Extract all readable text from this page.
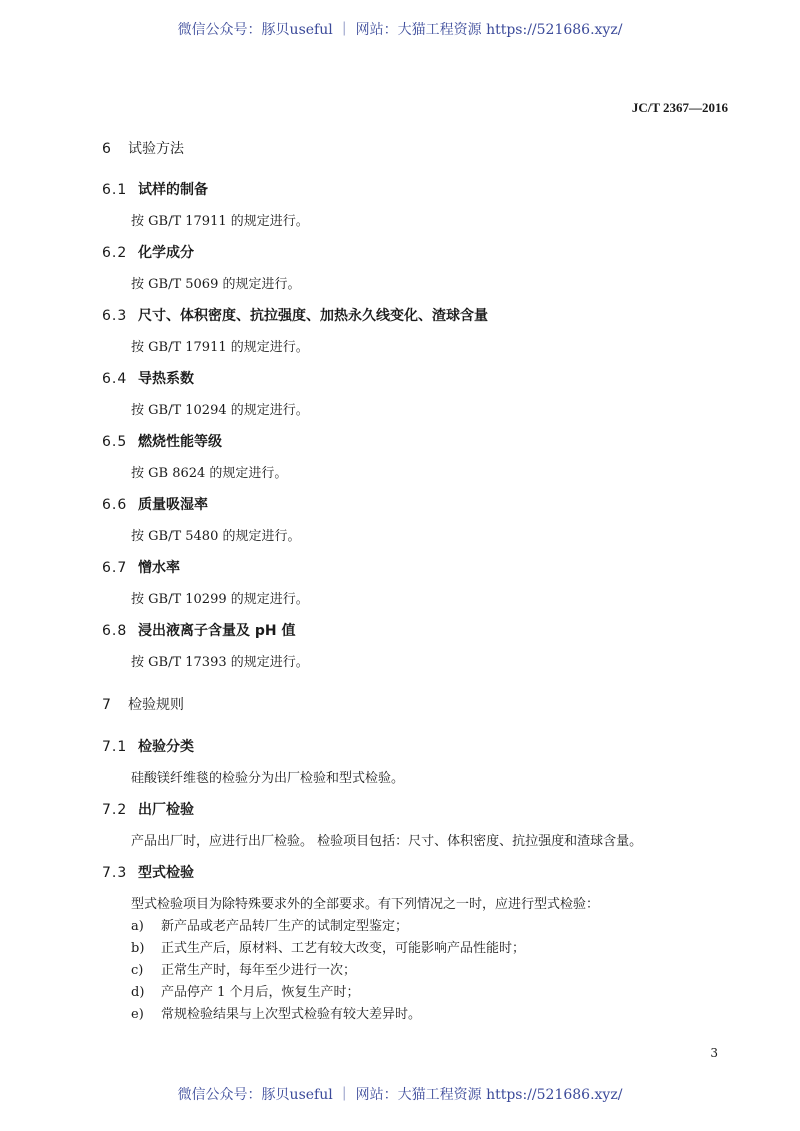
微信公众号：豚贝useful ｜ 网站：大猫工程资源 https://521686.xyz/
JC/T 2367—2016
6 试验方法
6.1 试样的制备
按 GB/T 17911 的规定进行。
6.2 化学成分
按 GB/T 5069 的规定进行。
6.3 尺寸、体积密度、抗拉强度、加热永久线变化、渣球含量
按 GB/T 17911 的规定进行。
6.4 导热系数
按 GB/T 10294 的规定进行。
6.5 燃烧性能等级
按 GB 8624 的规定进行。
6.6 质量吸湿率
按 GB/T 5480 的规定进行。
6.7 憎水率
按 GB/T 10299 的规定进行。
6.8 浸出液离子含量及 pH 值
按 GB/T 17393 的规定进行。
7 检验规则
7.1 检验分类
硅酸镁纤维毯的检验分为出厂检验和型式检验。
7.2 出厂检验
产品出厂时，应进行出厂检验。 检验项目包括：尺寸、体积密度、抗拉强度和渣球含量。
7.3 型式检验
型式检验项目为除特殊要求外的全部要求。有下列情况之一时，应进行型式检验：
a) 新产品或老产品转厂生产的试制定型鉴定；
b) 正式生产后，原材料、工艺有较大改变，可能影响产品性能时；
c) 正常生产时，每年至少进行一次；
d) 产品停产 1 个月后，恢复生产时；
e) 常规检验结果与上次型式检验有较大差异时。
3
微信公众号：豚贝useful ｜ 网站：大猫工程资源 https://521686.xyz/
